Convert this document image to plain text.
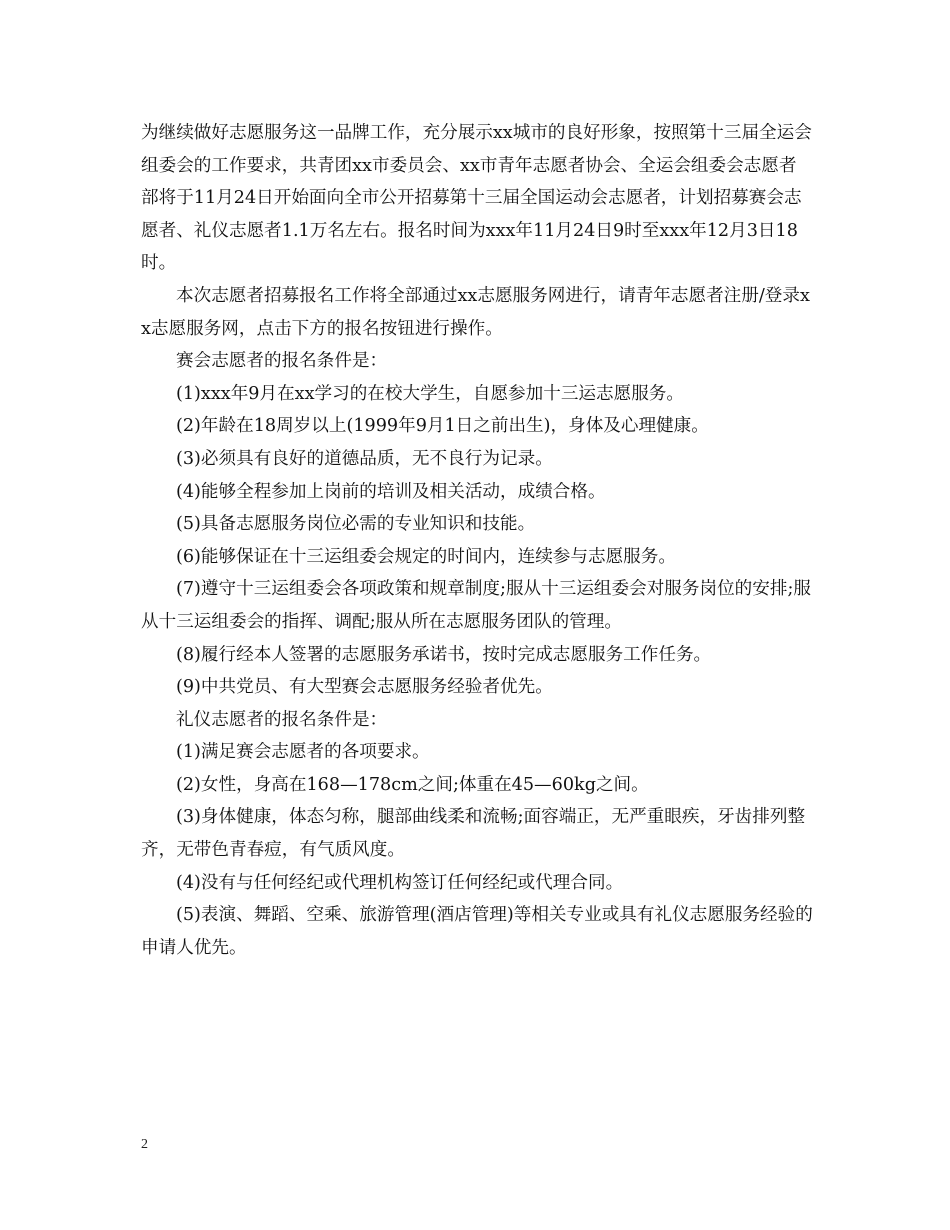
为继续做好志愿服务这一品牌工作，充分展示xx城市的良好形象，按照第十三届全运会组委会的工作要求，共青团xx市委员会、xx市青年志愿者协会、全运会组委会志愿者部将于11月24日开始面向全市公开招募第十三届全国运动会志愿者，计划招募赛会志愿者、礼仪志愿者1.1万名左右。报名时间为xxx年11月24日9时至xxx年12月3日18时。

本次志愿者招募报名工作将全部通过xx志愿服务网进行，请青年志愿者注册/登录xx志愿服务网，点击下方的报名按钮进行操作。

赛会志愿者的报名条件是：

(1)xxx年9月在xx学习的在校大学生，自愿参加十三运志愿服务。

(2)年龄在18周岁以上(1999年9月1日之前出生)，身体及心理健康。

(3)必须具有良好的道德品质，无不良行为记录。

(4)能够全程参加上岗前的培训及相关活动，成绩合格。

(5)具备志愿服务岗位必需的专业知识和技能。

(6)能够保证在十三运组委会规定的时间内，连续参与志愿服务。

(7)遵守十三运组委会各项政策和规章制度;服从十三运组委会对服务岗位的安排;服从十三运组委会的指挥、调配;服从所在志愿服务团队的管理。

(8)履行经本人签署的志愿服务承诺书，按时完成志愿服务工作任务。

(9)中共党员、有大型赛会志愿服务经验者优先。

礼仪志愿者的报名条件是：

(1)满足赛会志愿者的各项要求。

(2)女性，身高在168—178cm之间;体重在45—60kg之间。

(3)身体健康，体态匀称，腿部曲线柔和流畅;面容端正，无严重眼疾，牙齿排列整齐，无带色青春痘，有气质风度。

(4)没有与任何经纪或代理机构签订任何经纪或代理合同。

(5)表演、舞蹈、空乘、旅游管理(酒店管理)等相关专业或具有礼仪志愿服务经验的申请人优先。

2
